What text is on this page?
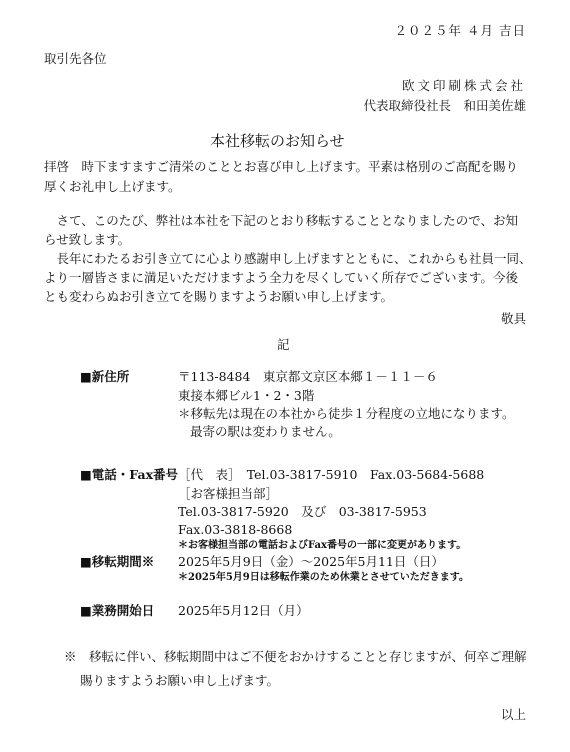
２０２５年 ４月 吉日
取引先各位
欧文印刷株式会社
代表取締役社長　和田美佐雄
本社移転のお知らせ
拝啓　時下ますますご清栄のこととお喜び申し上げます。平素は格別のご高配を賜り
厚くお礼申し上げます。
　さて、このたび、弊社は本社を下記のとおり移転することとなりましたので、お知
らせ致します。
　長年にわたるお引き立てに心より感謝申し上げますとともに、これからも社員一同、
より一層皆さまに満足いただけますよう全力を尽くしていく所存でございます。今後
とも変わらぬお引き立てを賜りますようお願い申し上げます。
敬具
記
■新住所	〒113-8484　東京都文京区本郷１－１１－６
東接本郷ビル1・2・3階
＊移転先は現在の本社から徒歩１分程度の立地になります。
最寄の駅は変わりません。
■電話・Fax番号 ［代　表］　Tel.03-3817-5910　Fax.03-5684-5688
［お客様担当部］
Tel.03-3817-5920　及び　03-3817-5953
Fax.03-3818-8668
＊お客様担当部の電話およびFax番号の一部に変更があります。
■移転期間※ 2025年5月9日（金）～2025年5月11日（日）
＊2025年5月9日は移転作業のため休業とさせていただきます。
■業務開始日 2025年5月12日（月）
※　移転に伴い、移転期間中はご不便をおかけすることと存じますが、何卒ご理解
賜りますようお願い申し上げます。
以上
